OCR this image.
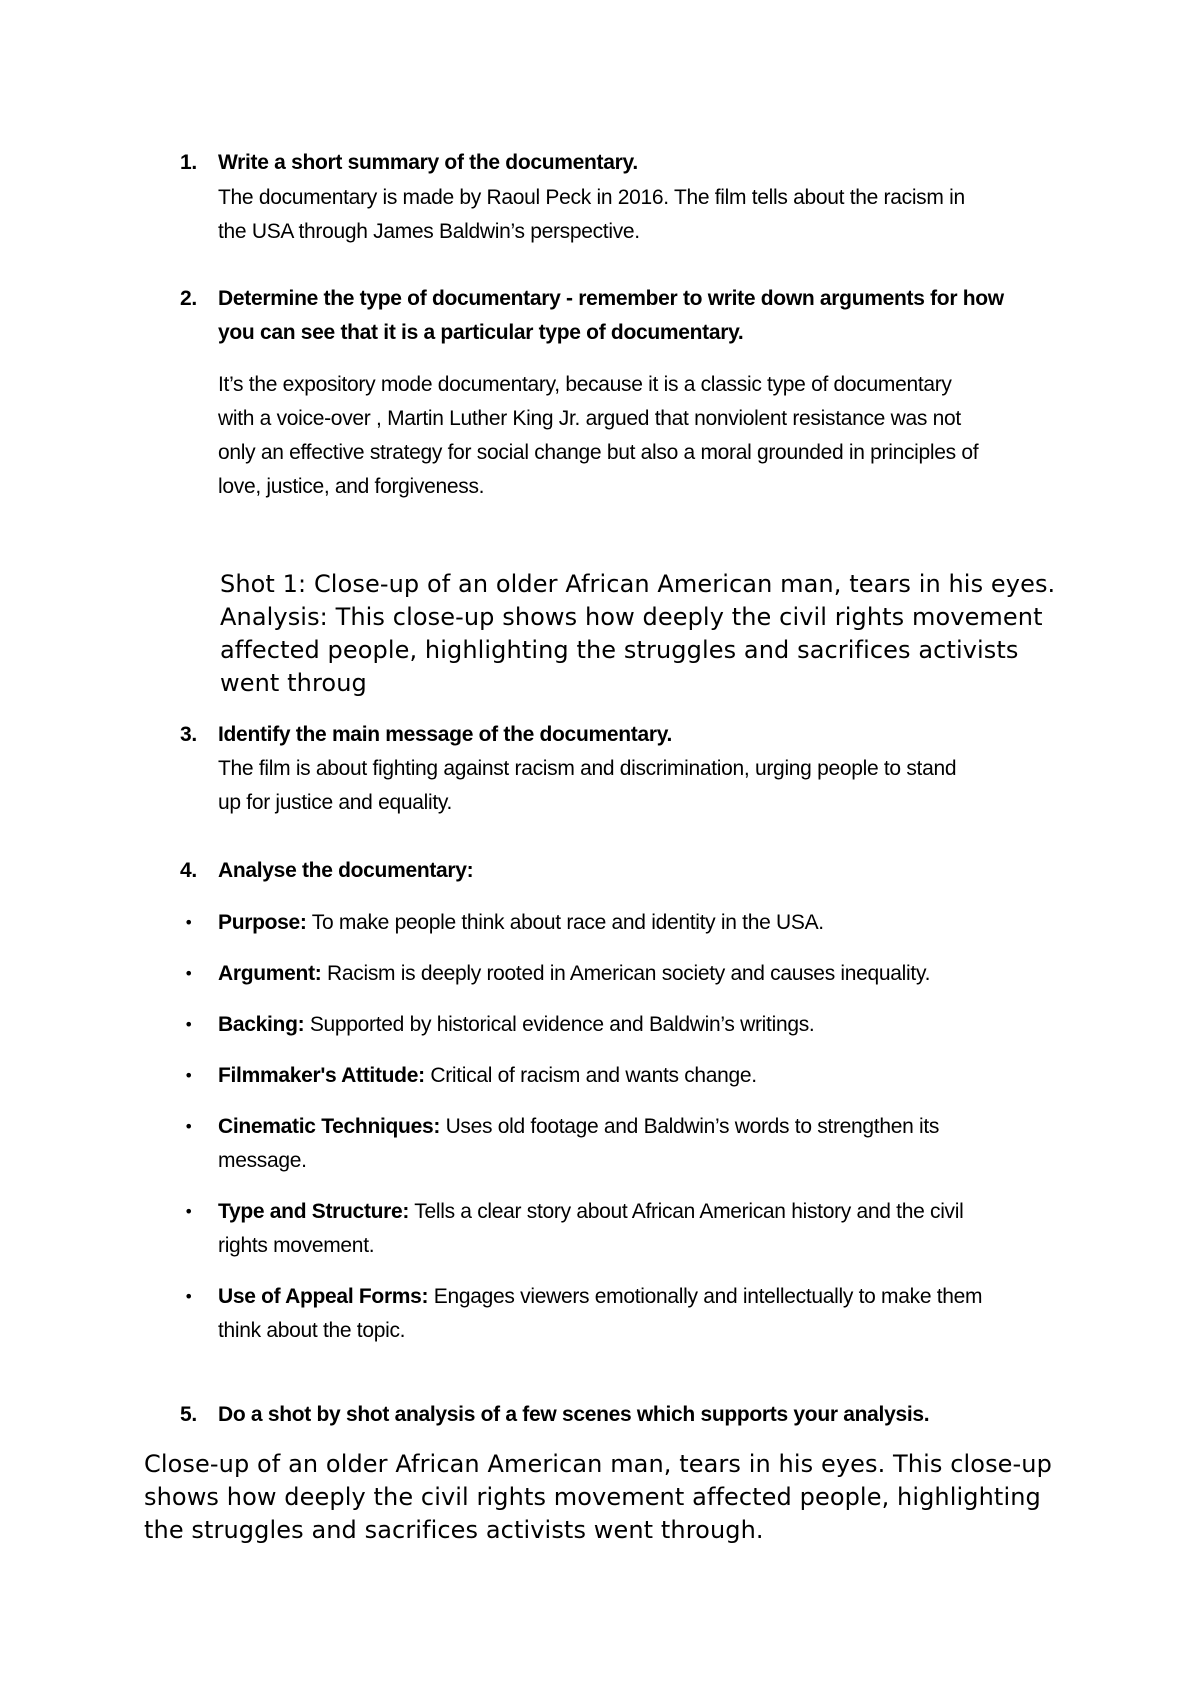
1.	Write a short summary of the documentary.
The documentary is made by Raoul Peck in 2016. The film tells about the racism in
the USA through James Baldwin’s perspective.
2.	Determine the type of documentary - remember to write down arguments for how
you can see that it is a particular type of documentary.
It’s the expository mode documentary, because it is a classic type of documentary
with a voice-over , Martin Luther King Jr. argued that nonviolent resistance was not
only an effective strategy for social change but also a moral grounded in principles of
love, justice, and forgiveness.
Shot 1: Close-up of an older African American man, tears in his eyes.
Analysis: This close-up shows how deeply the civil rights movement
affected people, highlighting the struggles and sacrifices activists
went throug
3.	Identify the main message of the documentary.
The film is about fighting against racism and discrimination, urging people to stand
up for justice and equality.
4.	Analyse the documentary:
•	Purpose: To make people think about race and identity in the USA.
•	Argument: Racism is deeply rooted in American society and causes inequality.
•	Backing: Supported by historical evidence and Baldwin’s writings.
•	Filmmaker's Attitude: Critical of racism and wants change.
•	Cinematic Techniques: Uses old footage and Baldwin’s words to strengthen its
message.
•	Type and Structure: Tells a clear story about African American history and the civil
rights movement.
•	Use of Appeal Forms: Engages viewers emotionally and intellectually to make them
think about the topic.
5.	Do a shot by shot analysis of a few scenes which supports your analysis.
Close-up of an older African American man, tears in his eyes. This close-up
shows how deeply the civil rights movement affected people, highlighting
the struggles and sacrifices activists went through.
